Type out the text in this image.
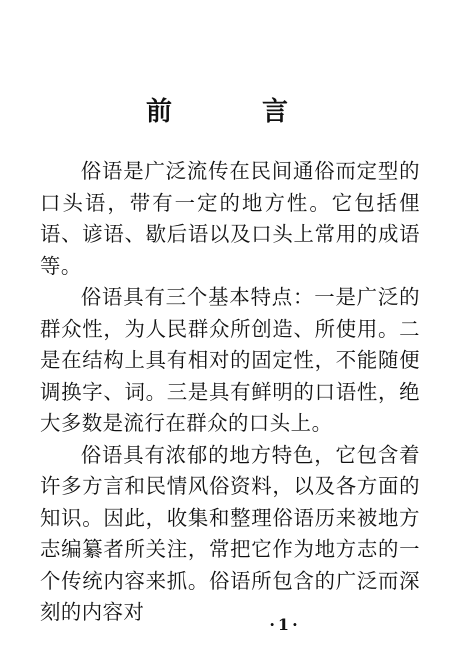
前	言

俗语是广泛流传在民间通俗而定型的口头语，带有一定的地方性。它包括俚语、谚语、歇后语以及口头上常用的成语等。

俗语具有三个基本特点：一是广泛的群众性，为人民群众所创造、所使用。二是在结构上具有相对的固定性，不能随便调换字、词。三是具有鲜明的口语性，绝大多数是流行在群众的口头上。

俗语具有浓郁的地方特色，它包含着许多方言和民情风俗资料，以及各方面的知识。因此，收集和整理俗语历来被地方志编纂者所关注，常把它作为地方志的一个传统内容来抓。俗语所包含的广泛而深刻的内容对

·1·
